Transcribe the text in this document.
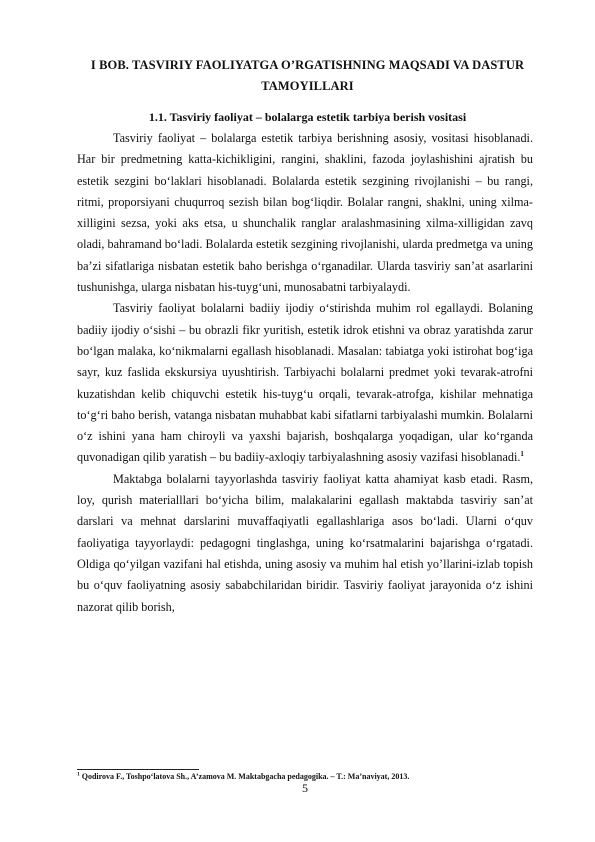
I BOB. TASVIRIY FAOLIYATGA O’RGATISHNING MAQSADI VA DASTUR TAMOYILLARI
1.1. Tasviriy faoliyat – bolalarga estetik tarbiya berish vositasi

Tasviriy faoliyat – bolalarga estetik tarbiya berishning asosiy, vositasi hisoblanadi. Har bir predmetning katta-kichikligini, rangini, shaklini, fazoda joylashishini ajratish bu estetik sezgini bo‘laklari hisoblanadi. Bolalarda estetik sezgining rivojlanishi – bu rangi, ritmi, proporsiyani chuqurroq sezish bilan bog‘liqdir. Bolalar rangni, shaklni, uning xilma-xilligini sezsa, yoki aks etsa, u shunchalik ranglar aralashmasining xilma-xilligidan zavq oladi, bahramand bo‘ladi. Bolalarda estetik sezgining rivojlanishi, ularda predmetga va uning ba’zi sifatlariga nisbatan estetik baho berishga o‘rganadilar. Ularda tasviriy san’at asarlarini tushunishga, ularga nisbatan his-tuyg‘uni, munosabatni tarbiyalaydi.

Tasviriy faoliyat bolalarni badiiy ijodiy o‘stirishda muhim rol egallaydi. Bolaning badiiy ijodiy o‘sishi – bu obrazli fikr yuritish, estetik idrok etishni va obraz yaratishda zarur bo‘lgan malaka, ko‘nikmalarni egallash hisoblanadi. Masalan: tabiatga yoki istirohat bog‘iga sayr, kuz faslida ekskursiya uyushtirish. Tarbiyachi bolalarni predmet yoki tevarak-atrofni kuzatishdan kelib chiquvchi estetik his-tuyg‘u orqali, tevarak-atrofga, kishilar mehnatiga to‘g‘ri baho berish, vatanga nisbatan muhabbat kabi sifatlarni tarbiyalashi mumkin. Bolalarni o‘z ishini yana ham chiroyli va yaxshi bajarish, boshqalarga yoqadigan, ular ko‘rganda quvonadigan qilib yaratish – bu badiiy-axloqiy tarbiyalashning asosiy vazifasi hisoblanadi.$^1$

Maktabga bolalarni tayyorlashda tasviriy faoliyat katta ahamiyat kasb etadi. Rasm, loy, qurish materialllari bo‘yicha bilim, malakalarini egallash maktabda tasviriy san’at darslari va mehnat darslarini muvaffaqiyatli egallashlariga asos bo‘ladi. Ularni o‘quv faoliyatiga tayyorlaydi: pedagogni tinglashga, uning ko‘rsatmalarini bajarishga o‘rgatadi. Oldiga qo‘yilgan vazifani hal etishda, uning asosiy va muhim hal etish yo’llarini-izlab topish bu o‘quv faoliyatning asosiy sababchilaridan biridir. Tasviriy faoliyat jarayonida o‘z ishini nazorat qilib borish,

$^1$ Qodirova F., Toshpo‘latova Sh., A’zamova M. Maktabgacha pedagogika. – T.: Ma’naviyat, 2013.
5
